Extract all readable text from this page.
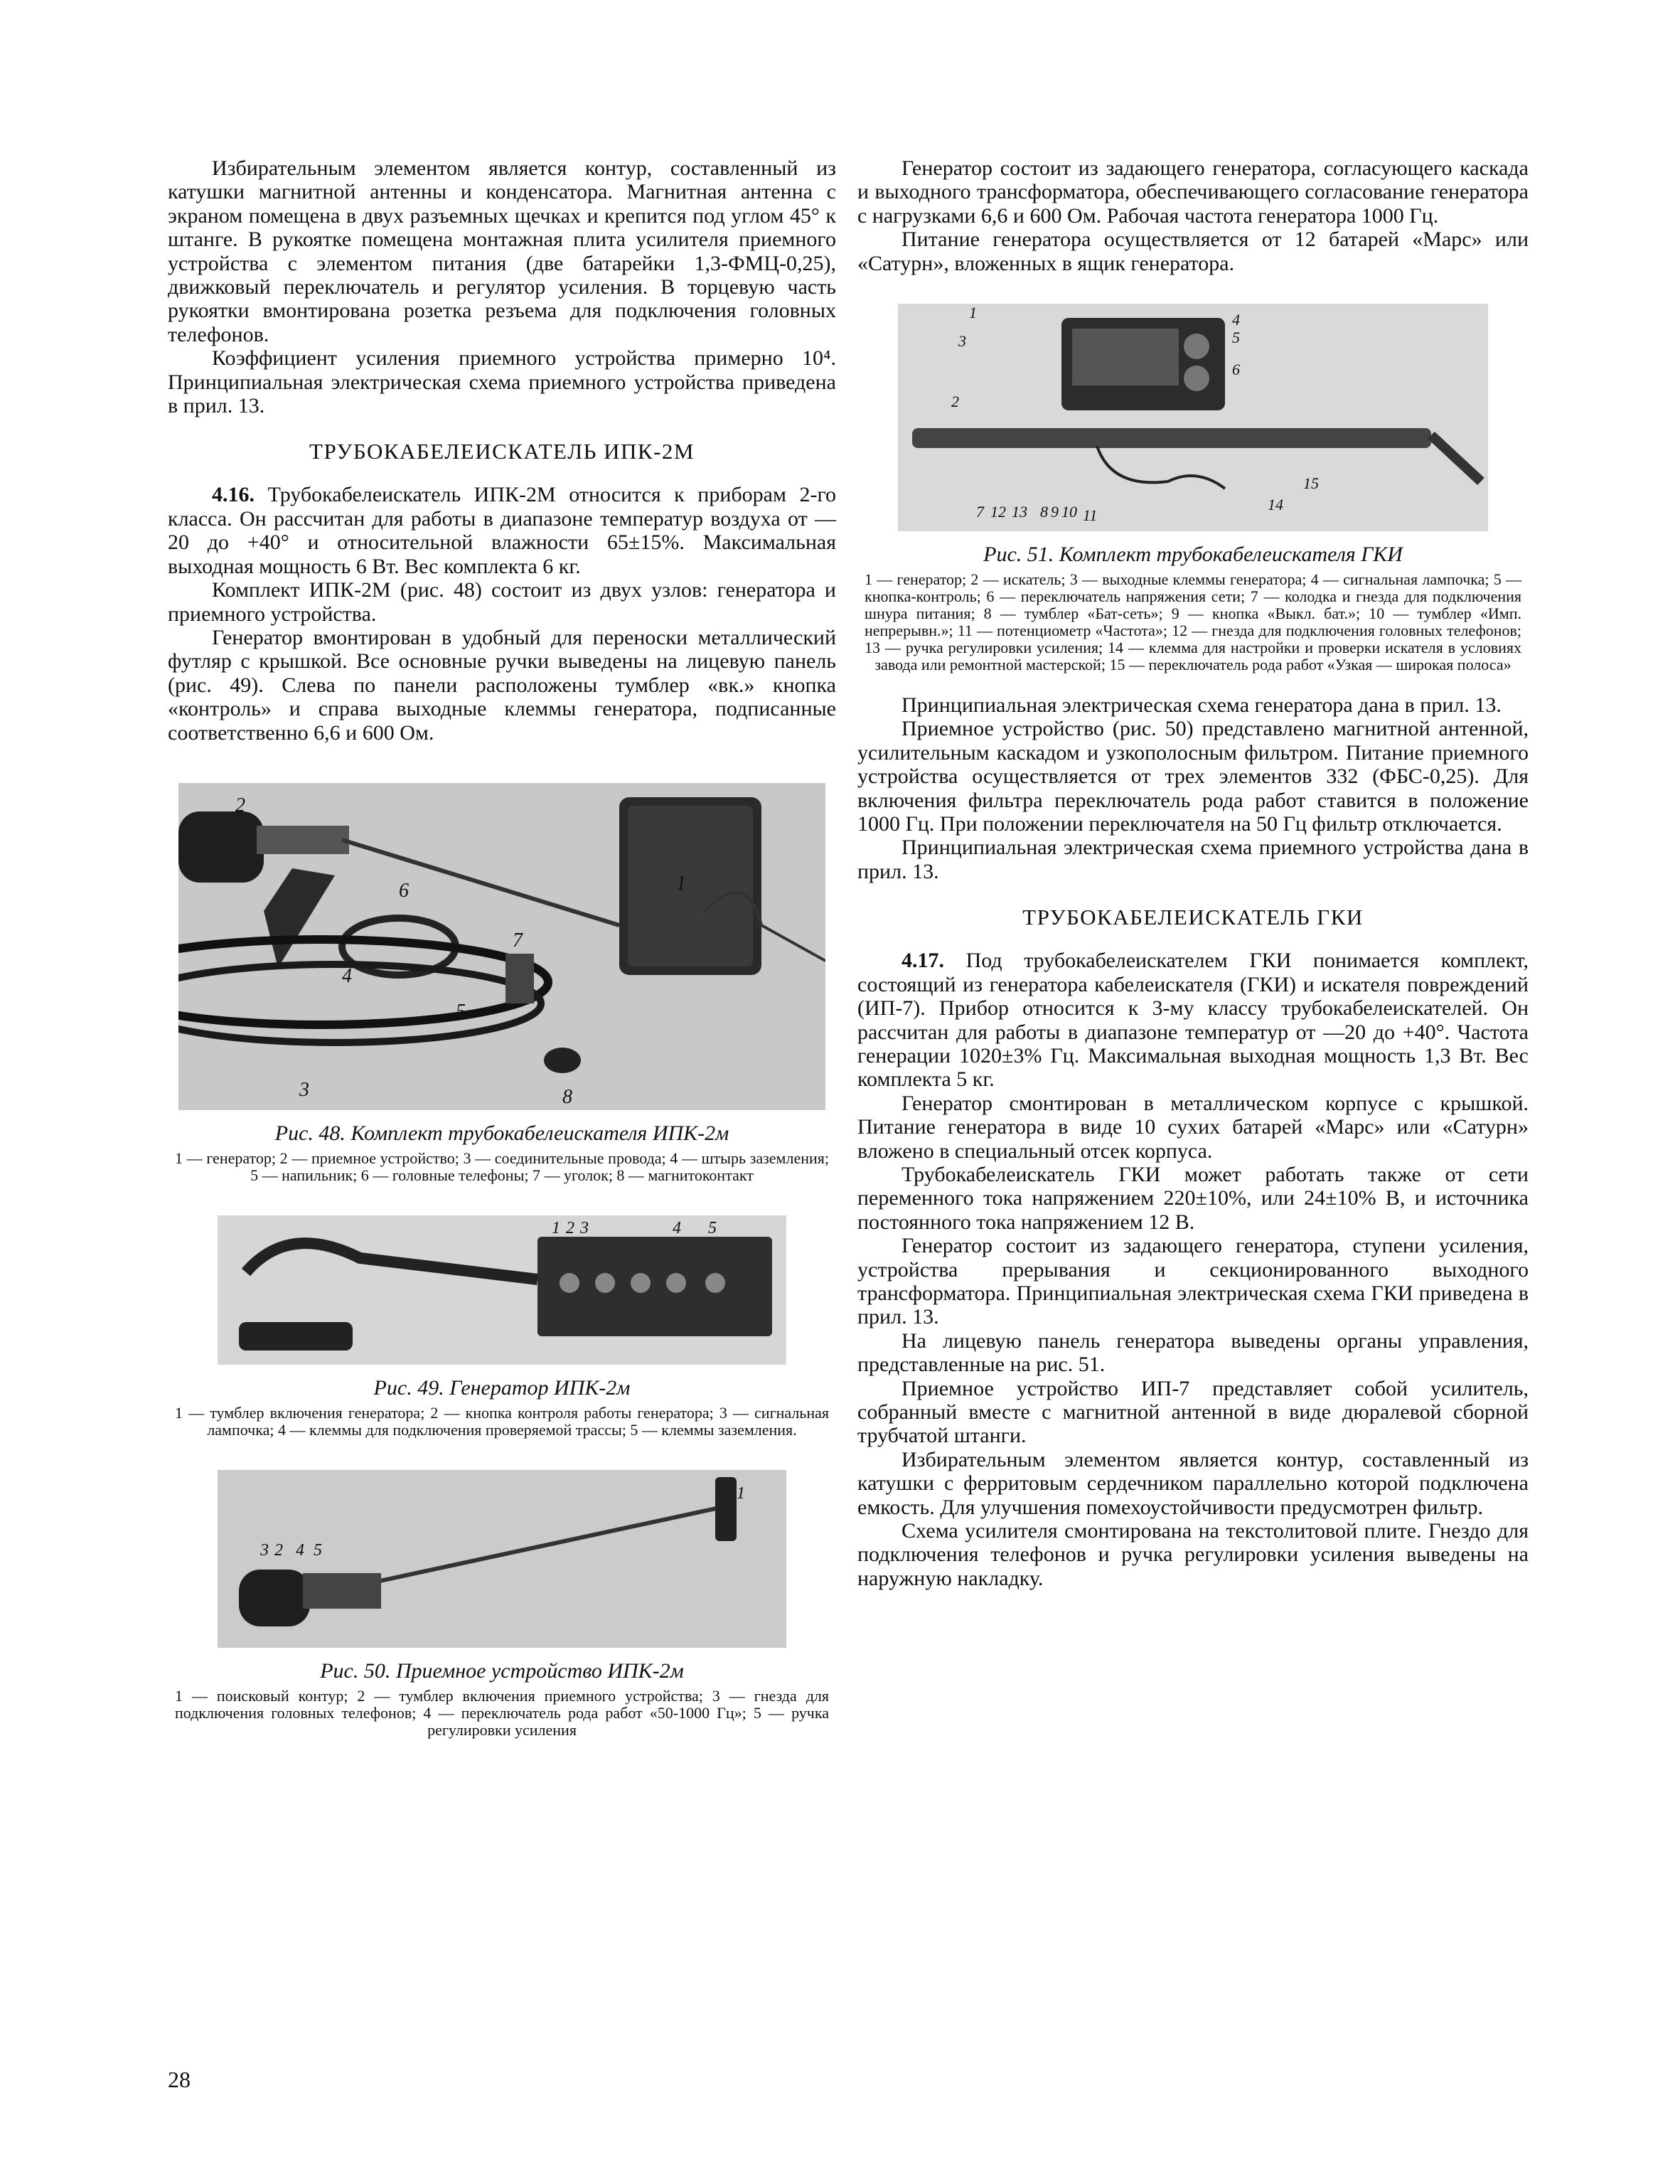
Избирательным элементом является контур, составленный из катушки магнитной антенны и конденсатора. Магнитная антенна с экраном помещена в двух разъемных щечках и крепится под углом 45° к штанге. В рукоятке помещена монтажная плита усилителя приемного устройства с элементом питания (две батарейки 1,3-ФМЦ-0,25), движковый переключатель и регулятор усиления. В торцевую часть рукоятки вмонтирована розетка резъема для подключения головных телефонов.

Коэффициент усиления приемного устройства примерно 10⁴. Принципиальная электрическая схема приемного устройства приведена в прил. 13.

ТРУБОКАБЕЛЕИСКАТЕЛЬ ИПК-2М

4.16. Трубокабелеискатель ИПК-2М относится к приборам 2-го класса. Он рассчитан для работы в диапазоне температур воздуха от —20 до +40° и относительной влажности 65±15%. Максимальная выходная мощность 6 Вт. Вес комплекта 6 кг.

Комплект ИПК-2М (рис. 48) состоит из двух узлов: генератора и приемного устройства.

Генератор вмонтирован в удобный для переноски металлический футляр с крышкой. Все основные ручки выведены на лицевую панель (рис. 49). Слева по панели расположены тумблер «вк.» кнопка «контроль» и справа выходные клеммы генератора, подписанные соответственно 6,6 и 600 Ом.

2
1
4
5
3
6
7
8
Рис. 48. Комплект трубокабелеискателя ИПК-2м
1 — генератор; 2 — приемное устройство; 3 — соединительные провода; 4 — штырь заземления; 5 — напильник; 6 — головные телефоны; 7 — уголок; 8 — магнитоконтакт
1 2 3	4 5
Рис. 49. Генератор ИПК-2м
1 — тумблер включения генератора; 2 — кнопка контроля работы генератора; 3 — сигнальная лампочка; 4 — клеммы для подключения проверяемой трассы; 5 — клеммы заземления.
1
3 2 4 5
Рис. 50. Приемное устройство ИПК-2м
1 — поисковый контур; 2 — тумблер включения приемного устройства; 3 — гнезда для подключения головных телефонов; 4 — переключатель рода работ «50-1000 Гц»; 5 — ручка регулировки усиления

Генератор состоит из задающего генератора, согласующего каскада и выходного трансформатора, обеспечивающего согласование генератора с нагрузками 6,6 и 600 Ом. Рабочая частота генератора 1000 Гц.

Питание генератора осуществляется от 12 батарей «Марс» или «Сатурн», вложенных в ящик генератора.

1
3
4
5
6
2
7 12 13 8 9 10 11
14
15
Рис. 51. Комплект трубокабелеискателя ГКИ
1 — генератор; 2 — искатель; 3 — выходные клеммы генератора; 4 — сигнальная лампочка; 5 — кнопка-контроль; 6 — переключатель напряжения сети; 7 — колодка и гнезда для подключения шнура питания; 8 — тумблер «Бат-сеть»; 9 — кнопка «Выкл. бат.»; 10 — тумблер «Имп. непрерывн.»; 11 — потенциометр «Частота»; 12 — гнезда для подключения головных телефонов; 13 — ручка регулировки усиления; 14 — клемма для настройки и проверки искателя в условиях завода или ремонтной мастерской; 15 — переключатель рода работ «Узкая — широкая полоса»

Принципиальная электрическая схема генератора дана в прил. 13.

Приемное устройство (рис. 50) представлено магнитной антенной, усилительным каскадом и узкополосным фильтром. Питание приемного устройства осуществляется от трех элементов 332 (ФБС-0,25). Для включения фильтра переключатель рода работ ставится в положение 1000 Гц. При положении переключателя на 50 Гц фильтр отключается.

Принципиальная электрическая схема приемного устройства дана в прил. 13.

ТРУБОКАБЕЛЕИСКАТЕЛЬ ГКИ

4.17. Под трубокабелеискателем ГКИ понимается комплект, состоящий из генератора кабелеискателя (ГКИ) и искателя повреждений (ИП-7). Прибор относится к 3-му классу трубокабелеискателей. Он рассчитан для работы в диапазоне температур от —20 до +40°. Частота генерации 1020±3% Гц. Максимальная выходная мощность 1,3 Вт. Вес комплекта 5 кг.

Генератор смонтирован в металлическом корпусе с крышкой. Питание генератора в виде 10 сухих батарей «Марс» или «Сатурн» вложено в специальный отсек корпуса.

Трубокабелеискатель ГКИ может работать также от сети переменного тока напряжением 220±10%, или 24±10% В, и источника постоянного тока напряжением 12 В.

Генератор состоит из задающего генератора, ступени усиления, устройства прерывания и секционированного выходного трансформатора. Принципиальная электрическая схема ГКИ приведена в прил. 13.

На лицевую панель генератора выведены органы управления, представленные на рис. 51.

Приемное устройство ИП-7 представляет собой усилитель, собранный вместе с магнитной антенной в виде дюралевой сборной трубчатой штанги.

Избирательным элементом является контур, составленный из катушки с ферритовым сердечником параллельно которой подключена емкость. Для улучшения помехоустойчивости предусмотрен фильтр.

Схема усилителя смонтирована на текстолитовой плите. Гнездо для подключения телефонов и ручка регулировки усиления выведены на наружную накладку.

28
